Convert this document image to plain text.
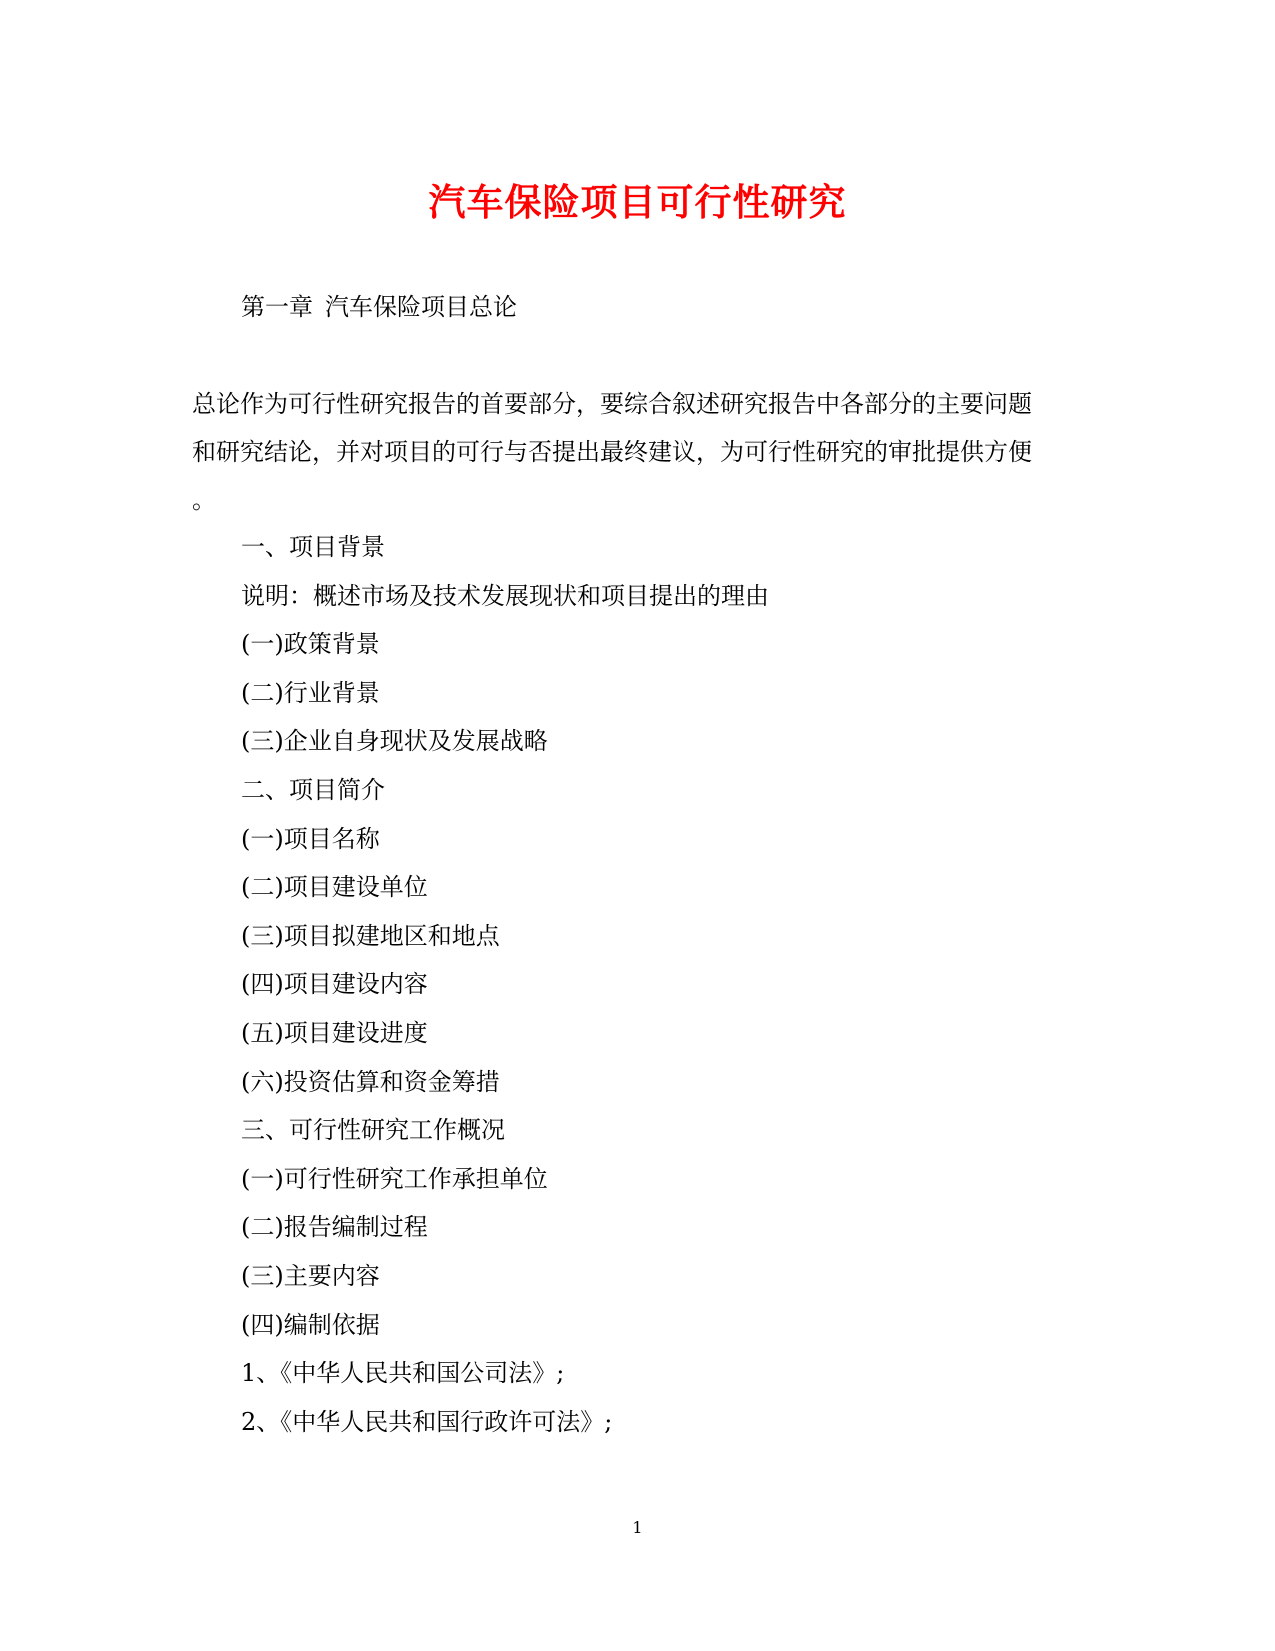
汽车保险项目可行性研究
第一章 汽车保险项目总论
总论作为可行性研究报告的首要部分，要综合叙述研究报告中各部分的主要问题
和研究结论，并对项目的可行与否提出最终建议，为可行性研究的审批提供方便
。
一、项目背景
说明：概述市场及技术发展现状和项目提出的理由
(一)政策背景
(二)行业背景
(三)企业自身现状及发展战略
二、项目简介
(一)项目名称
(二)项目建设单位
(三)项目拟建地区和地点
(四)项目建设内容
(五)项目建设进度
(六)投资估算和资金筹措
三、可行性研究工作概况
(一)可行性研究工作承担单位
(二)报告编制过程
(三)主要内容
(四)编制依据
1、《中华人民共和国公司法》;
2、《中华人民共和国行政许可法》;
1
